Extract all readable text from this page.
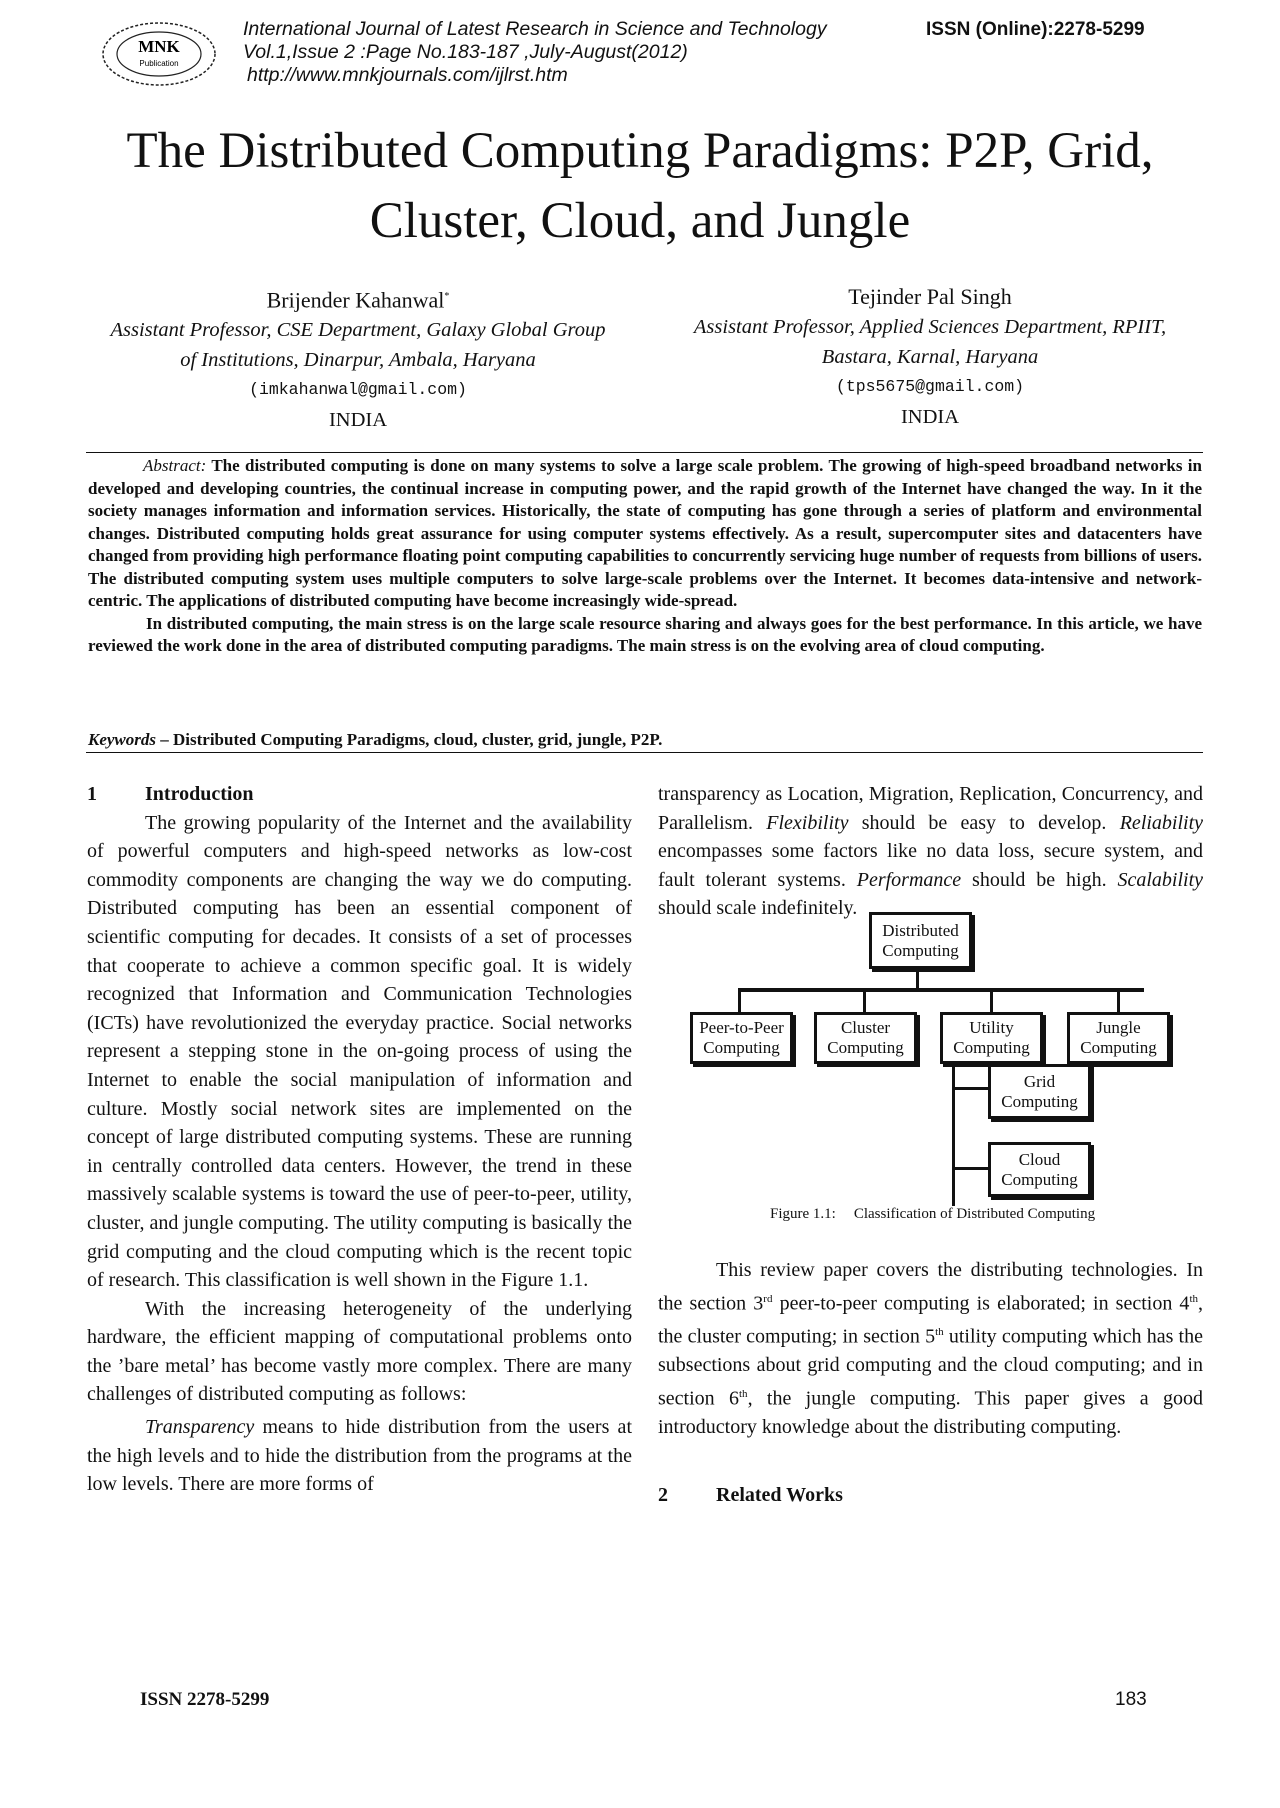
MNK
Publication
International Journal of Latest Research in Science and Technology
Vol.1,Issue 2 :Page No.183-187 ,July-August(2012)
http://www.mnkjournals.com/ijlrst.htm
ISSN (Online):2278-5299
The Distributed Computing Paradigms: P2P, Grid,
Cluster, Cloud, and Jungle
Brijender Kahanwal*
Assistant Professor, CSE Department, Galaxy Global Group
of Institutions, Dinarpur, Ambala, Haryana
(imkahanwal@gmail.com)
INDIA
Tejinder Pal Singh
Assistant Professor, Applied Sciences Department, RPIIT,
Bastara, Karnal, Haryana
(tps5675@gmail.com)
INDIA

Abstract: The distributed computing is done on many systems to solve a large scale problem. The growing of high-speed broadband networks in developed and developing countries, the continual increase in computing power, and the rapid growth of the Internet have changed the way. In it the society manages information and information services. Historically, the state of computing has gone through a series of platform and environmental changes. Distributed computing holds great assurance for using computer systems effectively. As a result, supercomputer sites and datacenters have changed from providing high performance floating point computing capabilities to concurrently servicing huge number of requests from billions of users. The distributed computing system uses multiple computers to solve large-scale problems over the Internet. It becomes data-intensive and network-centric. The applications of distributed computing have become increasingly wide-spread.

In distributed computing, the main stress is on the large scale resource sharing and always goes for the best performance. In this article, we have reviewed the work done in the area of distributed computing paradigms. The main stress is on the evolving area of cloud computing.

Keywords – Distributed Computing Paradigms, cloud, cluster, grid, jungle, P2P.

1 Introduction

The growing popularity of the Internet and the availability of powerful computers and high-speed networks as low-cost commodity components are changing the way we do computing. Distributed computing has been an essential component of scientific computing for decades. It consists of a set of processes that cooperate to achieve a common specific goal. It is widely recognized that Information and Communication Technologies (ICTs) have revolutionized the everyday practice. Social networks represent a stepping stone in the on-going process of using the Internet to enable the social manipulation of information and culture. Mostly social network sites are implemented on the concept of large distributed computing systems. These are running in centrally controlled data centers. However, the trend in these massively scalable systems is toward the use of peer-to-peer, utility, cluster, and jungle computing. The utility computing is basically the grid computing and the cloud computing which is the recent topic of research. This classification is well shown in the Figure 1.1.

With the increasing heterogeneity of the underlying hardware, the efficient mapping of computational problems onto the ’bare metal’ has become vastly more complex. There are many challenges of distributed computing as follows:

Transparency means to hide distribution from the users at the high levels and to hide the distribution from the programs at the low levels. There are more forms of

transparency as Location, Migration, Replication, Concurrency, and Parallelism. Flexibility should be easy to develop. Reliability encompasses some factors like no data loss, secure system, and fault tolerant systems. Performance should be high. Scalability should scale indefinitely.

Distributed Computing
Peer-to-Peer Computing
Cluster Computing
Utility Computing
Jungle Computing
Grid Computing
Cloud Computing
Figure 1.1: Classification of Distributed Computing

This review paper covers the distributing technologies. In the section 3rd peer-to-peer computing is elaborated; in section 4th, the cluster computing; in section 5th utility computing which has the subsections about grid computing and the cloud computing; and in section 6th, the jungle computing. This paper gives a good introductory knowledge about the distributing computing.

2 Related Works
ISSN 2278-5299	183
